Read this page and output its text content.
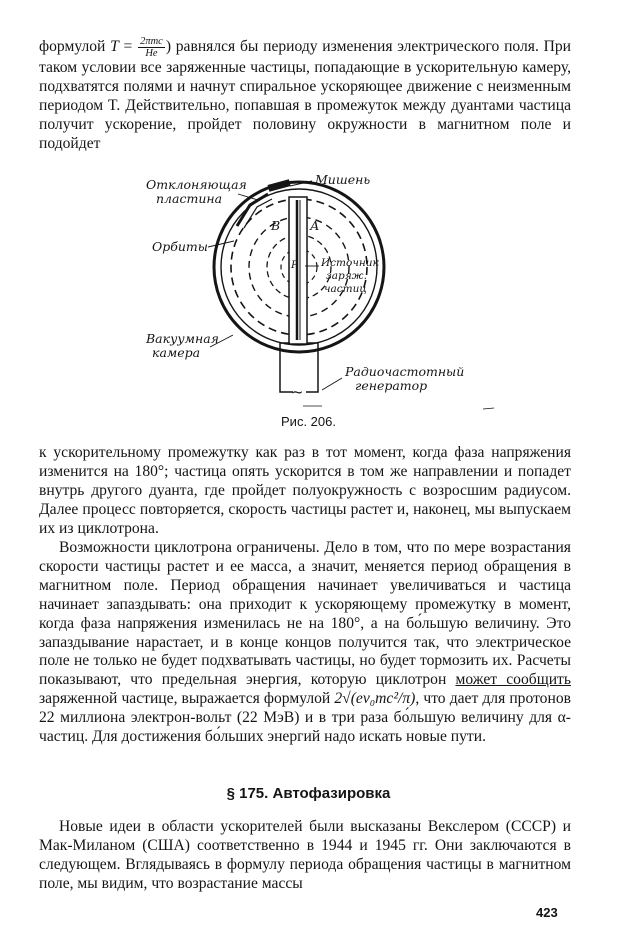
формулой $T = \frac{\text{2πmc}}{He}$ ) равнялся бы периоду изменения электрического поля. При таком условии все заряженные частицы, попадающие в ускорительную камеру, подхватятся полями и начнут спиральное ускоряющее движение с неизменным периодом T. Действительно, попавшая в промежуток между дуантами частица получит ускорение, пройдет половину окружности в магнитном поле и подойдет

Отклоняющая
пластина
Мишень
Орбиты
В А
Р Источник
заряж.
частиц
Вакуумная
камера
Радиочастотный
генератор
~
Рис. 206.

к ускорительному промежутку как раз в тот момент, когда фаза напряжения изменится на 180°; частица опять ускорится в том же направлении и попадет внутрь другого дуанта, где пройдет полуокружность с возросшим радиусом. Далее процесс повторяется, скорость частицы растет и, наконец, мы выпускаем их из циклотрона.

Возможности циклотрона ограничены. Дело в том, что по мере возрастания скорости частицы растет и ее масса, а значит, меняется период обращения в магнитном поле. Период обращения начинает увеличиваться и частица начинает запаздывать: она приходит к ускоряющему промежутку в момент, когда фаза напряжения изменилась не на 180°, а на бо́льшую величину. Это запаздывание нарастает, и в конце концов получится так, что электрическое поле не только не будет подхватывать частицы, но будет тормозить их. Расчеты показывают, что предельная энергия, которую циклотрон может сообщить заряженной частице, выражается формулой 2√(ev₀mc²/π), что дает для протонов 22 миллиона электрон-вольт (22 МэВ) и в три раза бо́льшую величину для α-частиц. Для достижения бо́льших энергий надо искать новые пути.

§ 175. Автофазировка

Новые идеи в области ускорителей были высказаны Векслером (СССР) и Мак-Миланом (США) соответственно в 1944 и 1945 гг. Они заключаются в следующем. Вглядываясь в формулу периода обращения частицы в магнитном поле, мы видим, что возрастание массы

423
